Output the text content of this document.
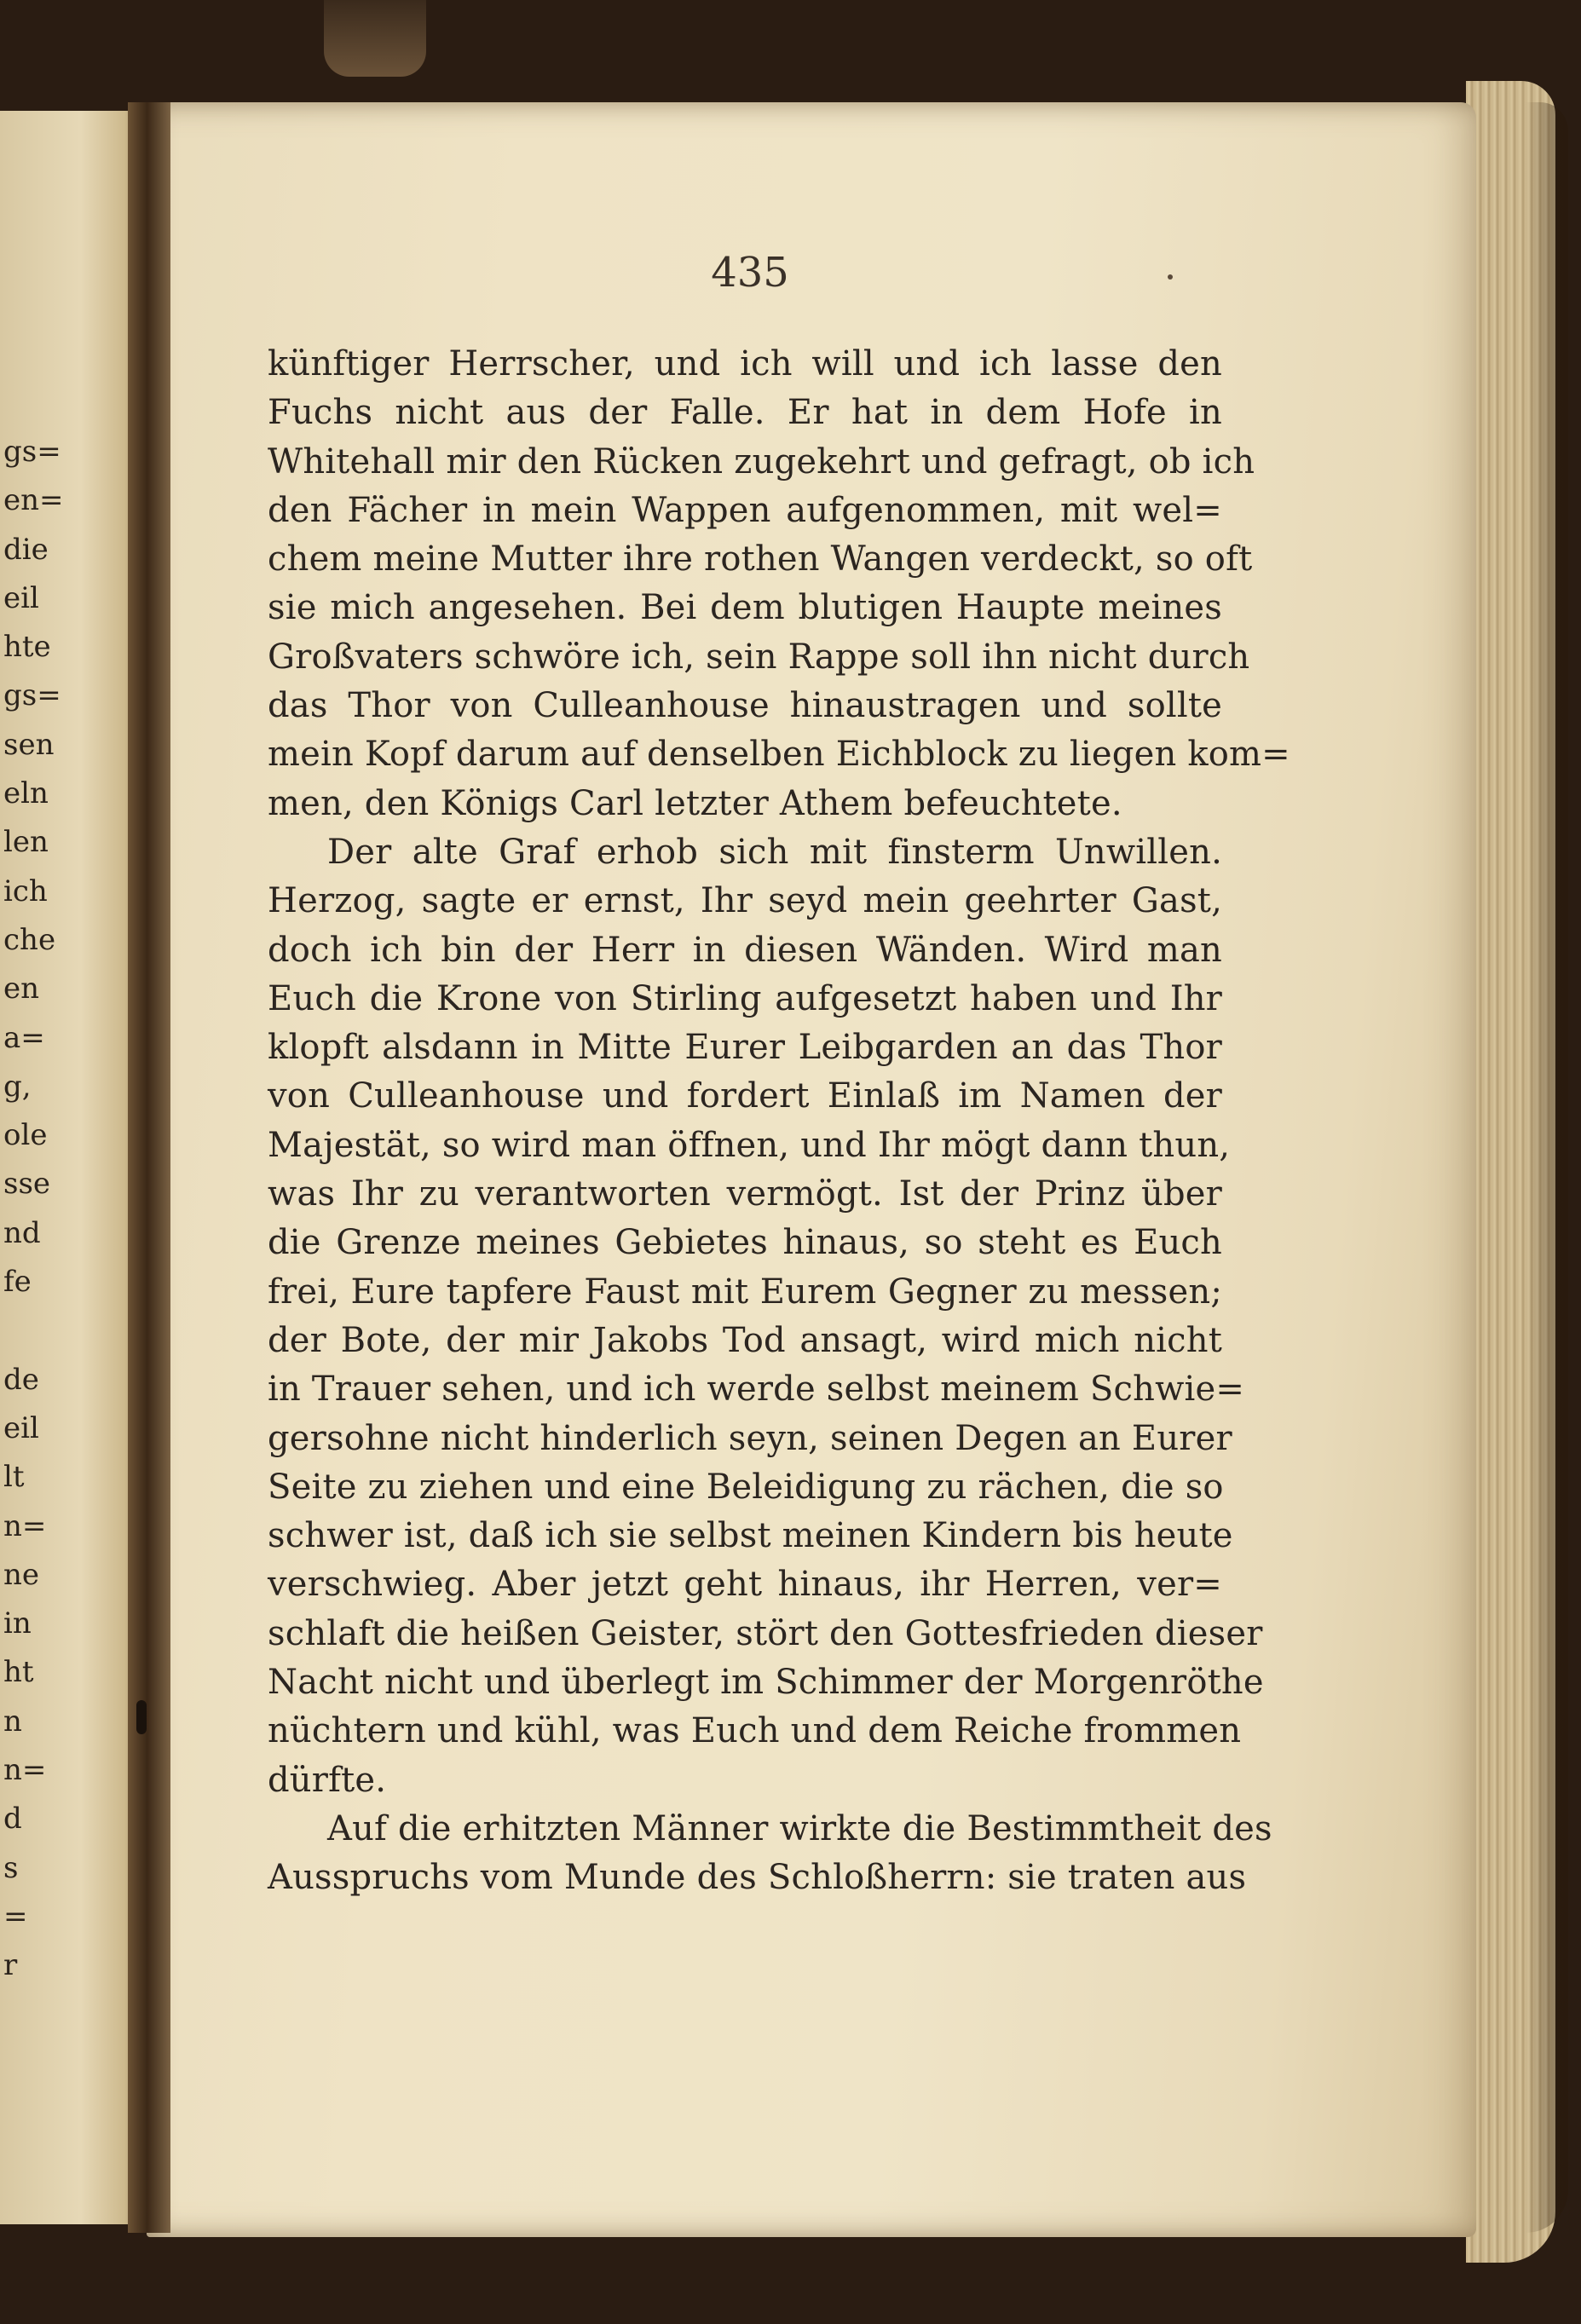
gs=
en=
die
eil
hte
gs=
sen
eln
len
ich
che
en
a=
g,
ole
sse
nd
fe
de
eil
lt
n=
ne
in
ht
n
n=
d
s
=
r
435
künftiger Herrscher, und ich will und ich lasse den
Fuchs nicht aus der Falle. Er hat in dem Hofe in
Whitehall mir den Rücken zugekehrt und gefragt, ob ich
den Fächer in mein Wappen aufgenommen, mit wel=
chem meine Mutter ihre rothen Wangen verdeckt, so oft
sie mich angesehen. Bei dem blutigen Haupte meines
Großvaters schwöre ich, sein Rappe soll ihn nicht durch
das Thor von Culleanhouse hinaustragen und sollte
mein Kopf darum auf denselben Eichblock zu liegen kom=
men, den Königs Carl letzter Athem befeuchtete.
Der alte Graf erhob sich mit finsterm Unwillen.
Herzog, sagte er ernst, Ihr seyd mein geehrter Gast,
doch ich bin der Herr in diesen Wänden. Wird man
Euch die Krone von Stirling aufgesetzt haben und Ihr
klopft alsdann in Mitte Eurer Leibgarden an das Thor
von Culleanhouse und fordert Einlaß im Namen der
Majestät, so wird man öffnen, und Ihr mögt dann thun,
was Ihr zu verantworten vermögt. Ist der Prinz über
die Grenze meines Gebietes hinaus, so steht es Euch
frei, Eure tapfere Faust mit Eurem Gegner zu messen;
der Bote, der mir Jakobs Tod ansagt, wird mich nicht
in Trauer sehen, und ich werde selbst meinem Schwie=
gersohne nicht hinderlich seyn, seinen Degen an Eurer
Seite zu ziehen und eine Beleidigung zu rächen, die so
schwer ist, daß ich sie selbst meinen Kindern bis heute
verschwieg. Aber jetzt geht hinaus, ihr Herren, ver=
schlaft die heißen Geister, stört den Gottesfrieden dieser
Nacht nicht und überlegt im Schimmer der Morgenröthe
nüchtern und kühl, was Euch und dem Reiche frommen
dürfte.
Auf die erhitzten Männer wirkte die Bestimmtheit des
Ausspruchs vom Munde des Schloßherrn: sie traten aus
